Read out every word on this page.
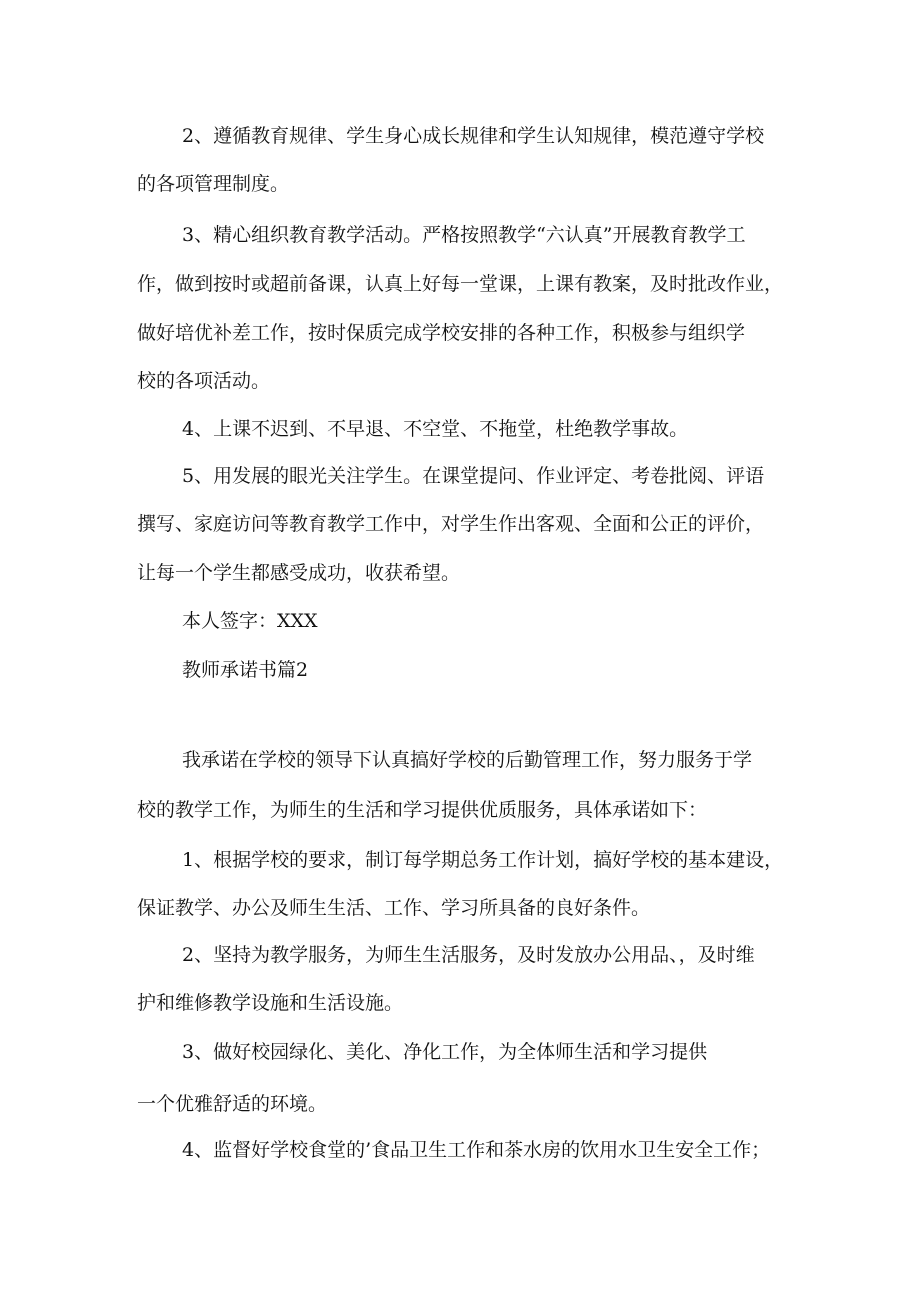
2、遵循教育规律、学生身心成长规律和学生认知规律，模范遵守学校

的各项管理制度。

3、精心组织教育教学活动。严格按照教学“六认真”开展教育教学工

作，做到按时或超前备课，认真上好每一堂课，上课有教案，及时批改作业，

做好培优补差工作，按时保质完成学校安排的各种工作，积极参与组织学

校的各项活动。

4、上课不迟到、不早退、不空堂、不拖堂，杜绝教学事故。

5、用发展的眼光关注学生。在课堂提问、作业评定、考卷批阅、评语

撰写、家庭访问等教育教学工作中，对学生作出客观、全面和公正的评价，

让每一个学生都感受成功，收获希望。

本人签字：XXX

教师承诺书篇2

我承诺在学校的领导下认真搞好学校的后勤管理工作，努力服务于学

校的教学工作，为师生的生活和学习提供优质服务，具体承诺如下：

1、根据学校的要求，制订每学期总务工作计划，搞好学校的基本建设，

保证教学、办公及师生生活、工作、学习所具备的良好条件。

2、坚持为教学服务，为师生生活服务，及时发放办公用品、，及时维

护和维修教学设施和生活设施。

3、做好校园绿化、美化、净化工作，为全体师生活和学习提供

一个优雅舒适的环境。

4、监督好学校食堂的’食品卫生工作和茶水房的饮用水卫生安全工作；
